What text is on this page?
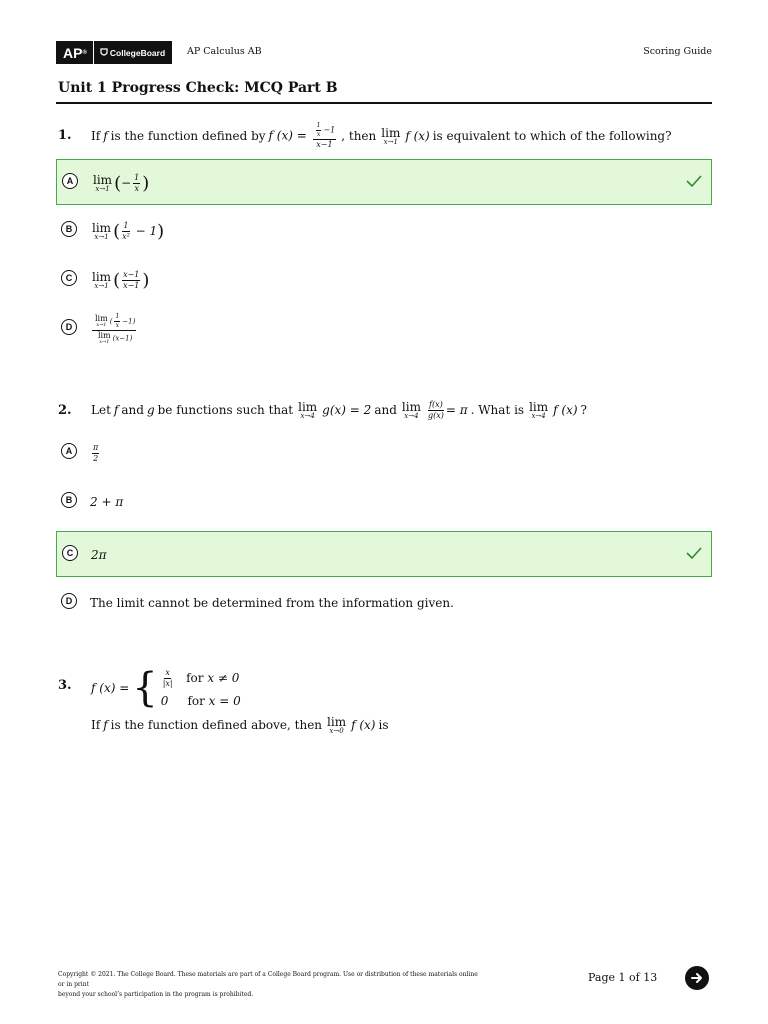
AP ®	CollegeBoard AP Calculus AB	Scoring Guide
Unit 1 Progress Check: MCQ Part B
1. If f is the function defined by f $(x) = \frac{\frac{1}{x} -1}{x-1}$ , then lim
x→1 f (x) is equivalent to which of the following?
A	lim
x→1 ( − $\frac{1}{x}$ )
B	lim
x→1 ( $\frac{1}{\text{x²}} - 1$ )
C	lim
x→1 ( $\frac{x-1}{x-1}$ )
D	lim
x→1 ( $\frac{1}{x} -1$)
lim
x→1 (x−1)
2. Let f and g be functions such that lim
x→4 g(x) = 2 and lim
$x\to 4 \frac{f(x)}{g(x)} = \pi$ . What is lim
x→4 f (x) ?
A	$\frac{\pi}{2}$
B	2 + π
C	2π
D	The limit cannot be determined from the information given.
3. f (x) = { $\frac{x}{|x|}$ for x ≠ 0
0 for x = 0
If f is the function defined above, then lim
x→0 f (x) is
Copyright © 2021. The College Board. These materials are part of a College Board program. Use or distribution of these materials online or in print
beyond your school’s participation in the program is prohibited.
Page 1 of 13
